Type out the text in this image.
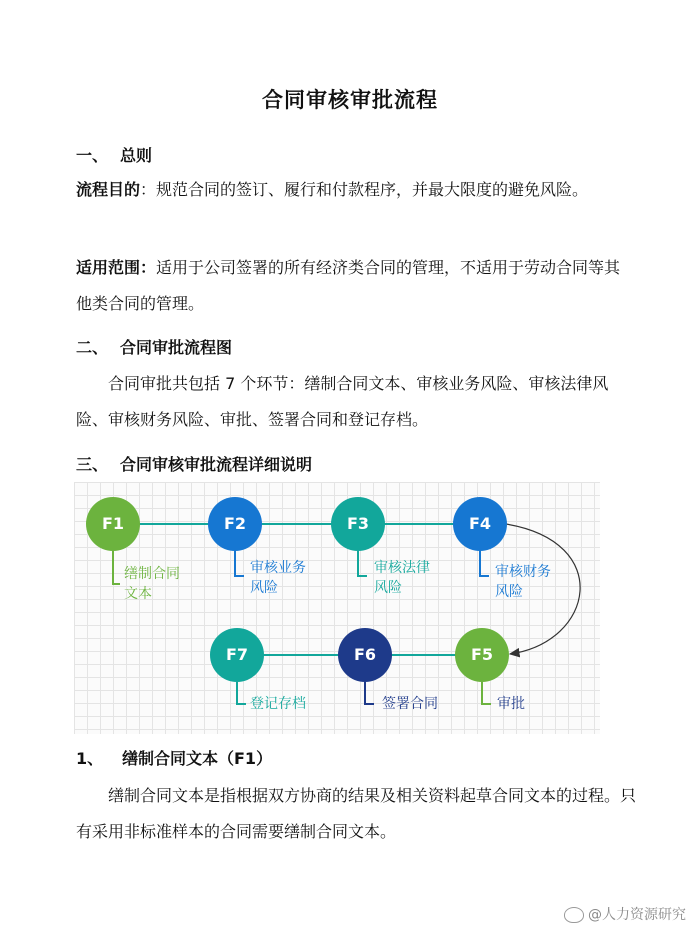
合同审核审批流程
一、 总则
流程目的：规范合同的签订、履行和付款程序，并最大限度的避免风险。
适用范围：适用于公司签署的所有经济类合同的管理，不适用于劳动合同等其他类合同的管理。
二、 合同审批流程图
合同审批共包括 7 个环节：缮制合同文本、审核业务风险、审核法律风险、审核财务风险、审批、签署合同和登记存档。
三、 合同审核审批流程详细说明
F1	F2	F3	F4
F5
F6
F7
缮制合同
文本
审核业务
风险
审核法律
风险
审核财务
风险
登记存档	签署合同	审批
1、 缮制合同文本（F1）
缮制合同文本是指根据双方协商的结果及相关资料起草合同文本的过程。只有采用非标准样本的合同需要缮制合同文本。
@人力资源研究
